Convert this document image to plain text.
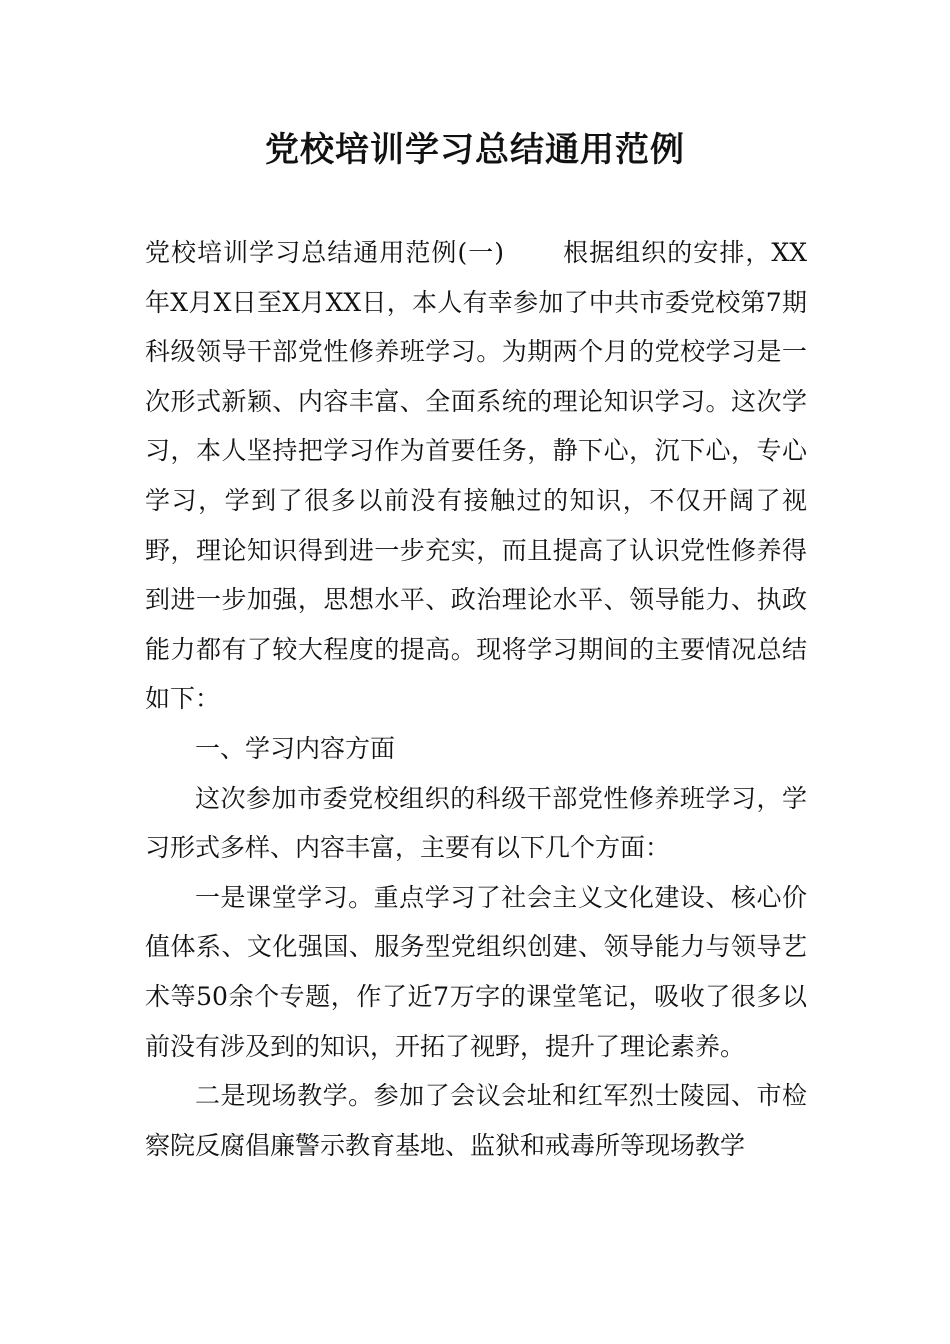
党校培训学习总结通用范例

党校培训学习总结通用范例(一) 根据组织的安排，XX年X月X日至X月XX日，本人有幸参加了中共市委党校第7期科级领导干部党性修养班学习。为期两个月的党校学习是一次形式新颖、内容丰富、全面系统的理论知识学习。这次学习，本人坚持把学习作为首要任务，静下心，沉下心，专心学习，学到了很多以前没有接触过的知识，不仅开阔了视野，理论知识得到进一步充实，而且提高了认识党性修养得到进一步加强，思想水平、政治理论水平、领导能力、执政能力都有了较大程度的提高。现将学习期间的主要情况总结如下：

一、学习内容方面

这次参加市委党校组织的科级干部党性修养班学习，学习形式多样、内容丰富，主要有以下几个方面：

一是课堂学习。重点学习了社会主义文化建设、核心价值体系、文化强国、服务型党组织创建、领导能力与领导艺术等50余个专题，作了近7万字的课堂笔记，吸收了很多以前没有涉及到的知识，开拓了视野，提升了理论素养。

二是现场教学。参加了会议会址和红军烈士陵园、市检察院反腐倡廉警示教育基地、监狱和戒毒所等现场教学
